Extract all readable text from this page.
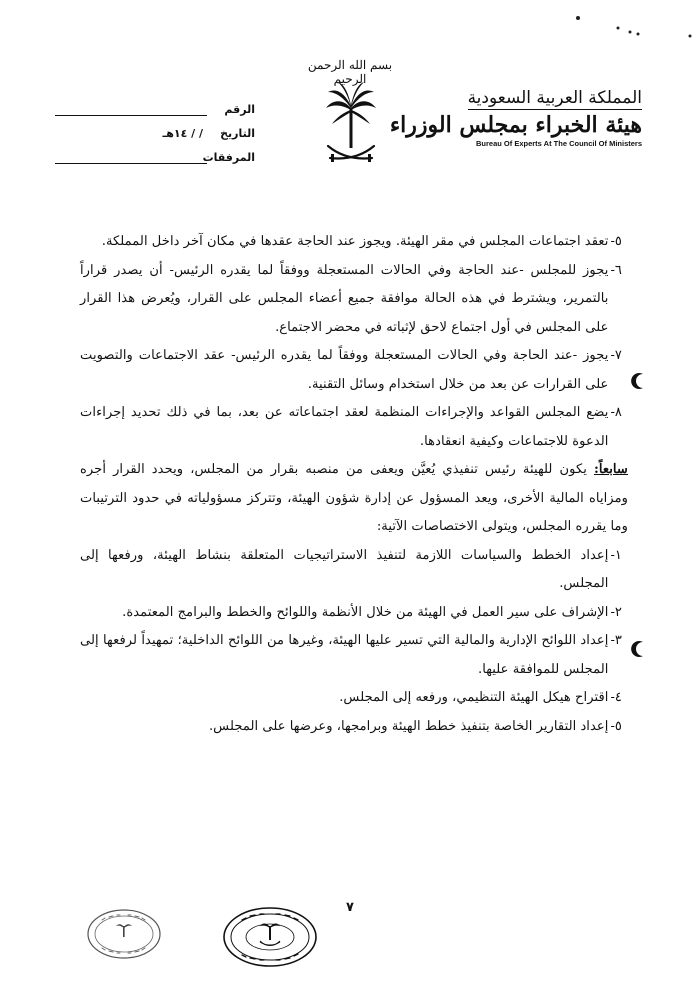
بسم الله الرحمن الرحيم
المملكة العربية السعودية
هيئة الخبراء بمجلس الوزراء
Bureau Of Experts At The Council Of Ministers
الرقم
التاريخ
/ / ١٤هـ
المرفقات
٥-
تعقد اجتماعات المجلس في مقر الهيئة. ويجوز عند الحاجة عقدها في مكان آخر داخل المملكة.
٦-
يجوز للمجلس -عند الحاجة وفي الحالات المستعجلة ووفقاً لما يقدره الرئيس- أن يصدر قراراً بالتمرير، ويشترط في هذه الحالة موافقة جميع أعضاء المجلس على القرار، ويُعرض هذا القرار على المجلس في أول اجتماع لاحق لإثباته في محضر الاجتماع.
٧-
يجوز -عند الحاجة وفي الحالات المستعجلة ووفقاً لما يقدره الرئيس- عقد الاجتماعات والتصويت على القرارات عن بعد من خلال استخدام وسائل التقنية.
٨-
يضع المجلس القواعد والإجراءات المنظمة لعقد اجتماعاته عن بعد، بما في ذلك تحديد إجراءات الدعوة للاجتماعات وكيفية انعقادها.
سابعاً: يكون للهيئة رئيس تنفيذي يُعيَّن ويعفى من منصبه بقرار من المجلس، ويحدد القرار أجره ومزاياه المالية الأخرى، ويعد المسؤول عن إدارة شؤون الهيئة، وتتركز مسؤولياته في حدود الترتيبات وما يقرره المجلس، ويتولى الاختصاصات الآتية:
١-
إعداد الخطط والسياسات اللازمة لتنفيذ الاستراتيجيات المتعلقة بنشاط الهيئة، ورفعها إلى المجلس.
٢-
الإشراف على سير العمل في الهيئة من خلال الأنظمة واللوائح والخطط والبرامج المعتمدة.
٣-
إعداد اللوائح الإدارية والمالية التي تسير عليها الهيئة، وغيرها من اللوائح الداخلية؛ تمهيداً لرفعها إلى المجلس للموافقة عليها.
٤-
اقتراح هيكل الهيئة التنظيمي، ورفعه إلى المجلس.
٥-
إعداد التقارير الخاصة بتنفيذ خطط الهيئة وبرامجها، وعرضها على المجلس.
٧
